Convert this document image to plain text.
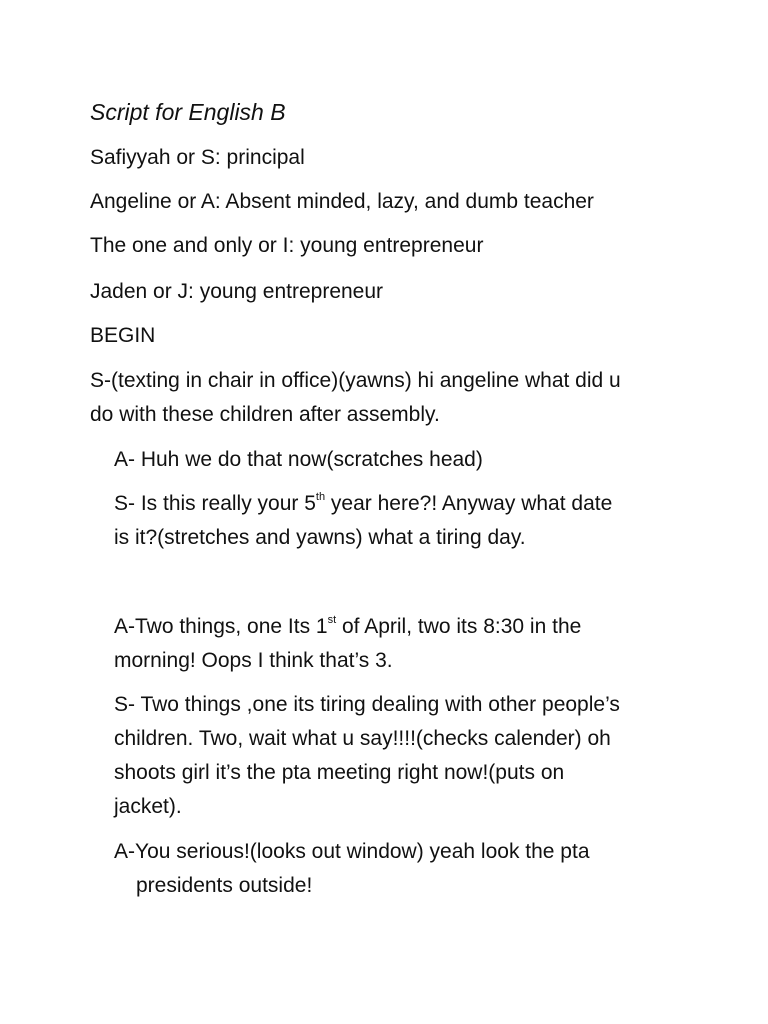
Script for English B
Safiyyah or S: principal
Angeline or A: Absent minded, lazy, and dumb teacher
The one and only or I: young entrepreneur
Jaden or J: young entrepreneur
BEGIN
S-(texting in chair in office)(yawns) hi angeline what did u
do with these children after assembly.
A- Huh we do that now(scratches head)
S- Is this really your 5th year here?! Anyway what date
is it?(stretches and yawns) what a tiring day.
A-Two things, one Its 1st of April, two its 8:30 in the
morning! Oops I think that’s 3.
S- Two things ,one its tiring dealing with other people’s
children. Two, wait what u say!!!!(checks calender) oh
shoots girl it’s the pta meeting right now!(puts on
jacket).
A-You serious!(looks out window) yeah look the pta
presidents outside!
